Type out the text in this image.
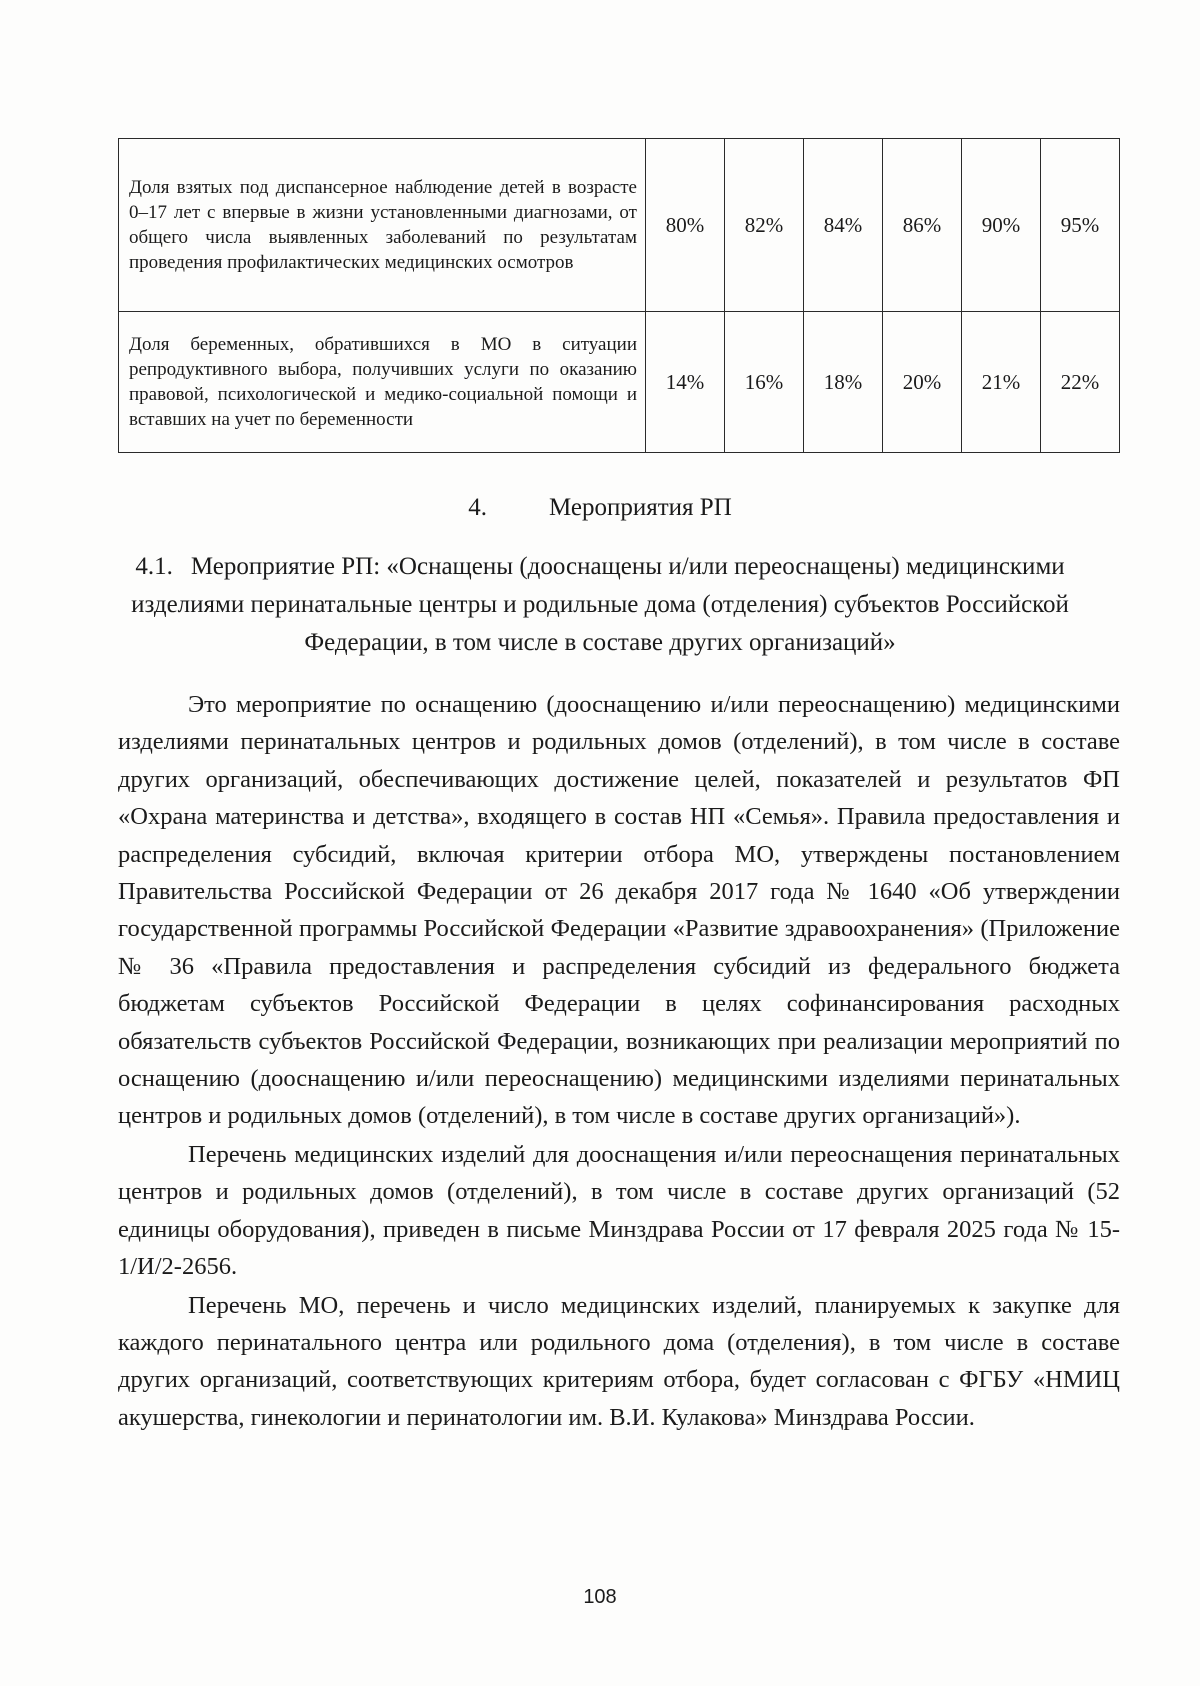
Доля взятых под диспансерное наблюдение детей в возрасте 0–17 лет с впервые в жизни установленными диагнозами, от общего числа выявленных заболеваний по результатам проведения профилактических медицинских осмотров	80%	82%	84%	86%	90%	95%
Доля беременных, обратившихся в МО в ситуации репродуктивного выбора, получивших услуги по оказанию правовой, психологической и медико-социальной помощи и вставших на учет по беременности	14%	16%	18%	20%	21%	22%
4. Мероприятия РП
4.1. Мероприятие РП: «Оснащены (дооснащены и/или переоснащены) медицинскими изделиями перинатальные центры и родильные дома (отделения) субъектов Российской Федерации, в том числе в составе других организаций»

Это мероприятие по оснащению (дооснащению и/или переоснащению) медицинскими изделиями перинатальных центров и родильных домов (отделений), в том числе в составе других организаций, обеспечивающих достижение целей, показателей и результатов ФП «Охрана материнства и детства», входящего в состав НП «Семья». Правила предоставления и распределения субсидий, включая критерии отбора МО, утверждены постановлением Правительства Российской Федерации от 26 декабря 2017 года № 1640 «Об утверждении государственной программы Российской Федерации «Развитие здравоохранения» (Приложение № 36 «Правила предоставления и распределения субсидий из федерального бюджета бюджетам субъектов Российской Федерации в целях софинансирования расходных обязательств субъектов Российской Федерации, возникающих при реализации мероприятий по оснащению (дооснащению и/или переоснащению) медицинскими изделиями перинатальных центров и родильных домов (отделений), в том числе в составе других организаций»).

Перечень медицинских изделий для дооснащения и/или переоснащения перинатальных центров и родильных домов (отделений), в том числе в составе других организаций (52 единицы оборудования), приведен в письме Минздрава России от 17 февраля 2025 года № 15-1/И/2-2656.

Перечень МО, перечень и число медицинских изделий, планируемых к закупке для каждого перинатального центра или родильного дома (отделения), в том числе в составе других организаций, соответствующих критериям отбора, будет согласован с ФГБУ «НМИЦ акушерства, гинекологии и перинатологии им. В.И. Кулакова» Минздрава России.

108
